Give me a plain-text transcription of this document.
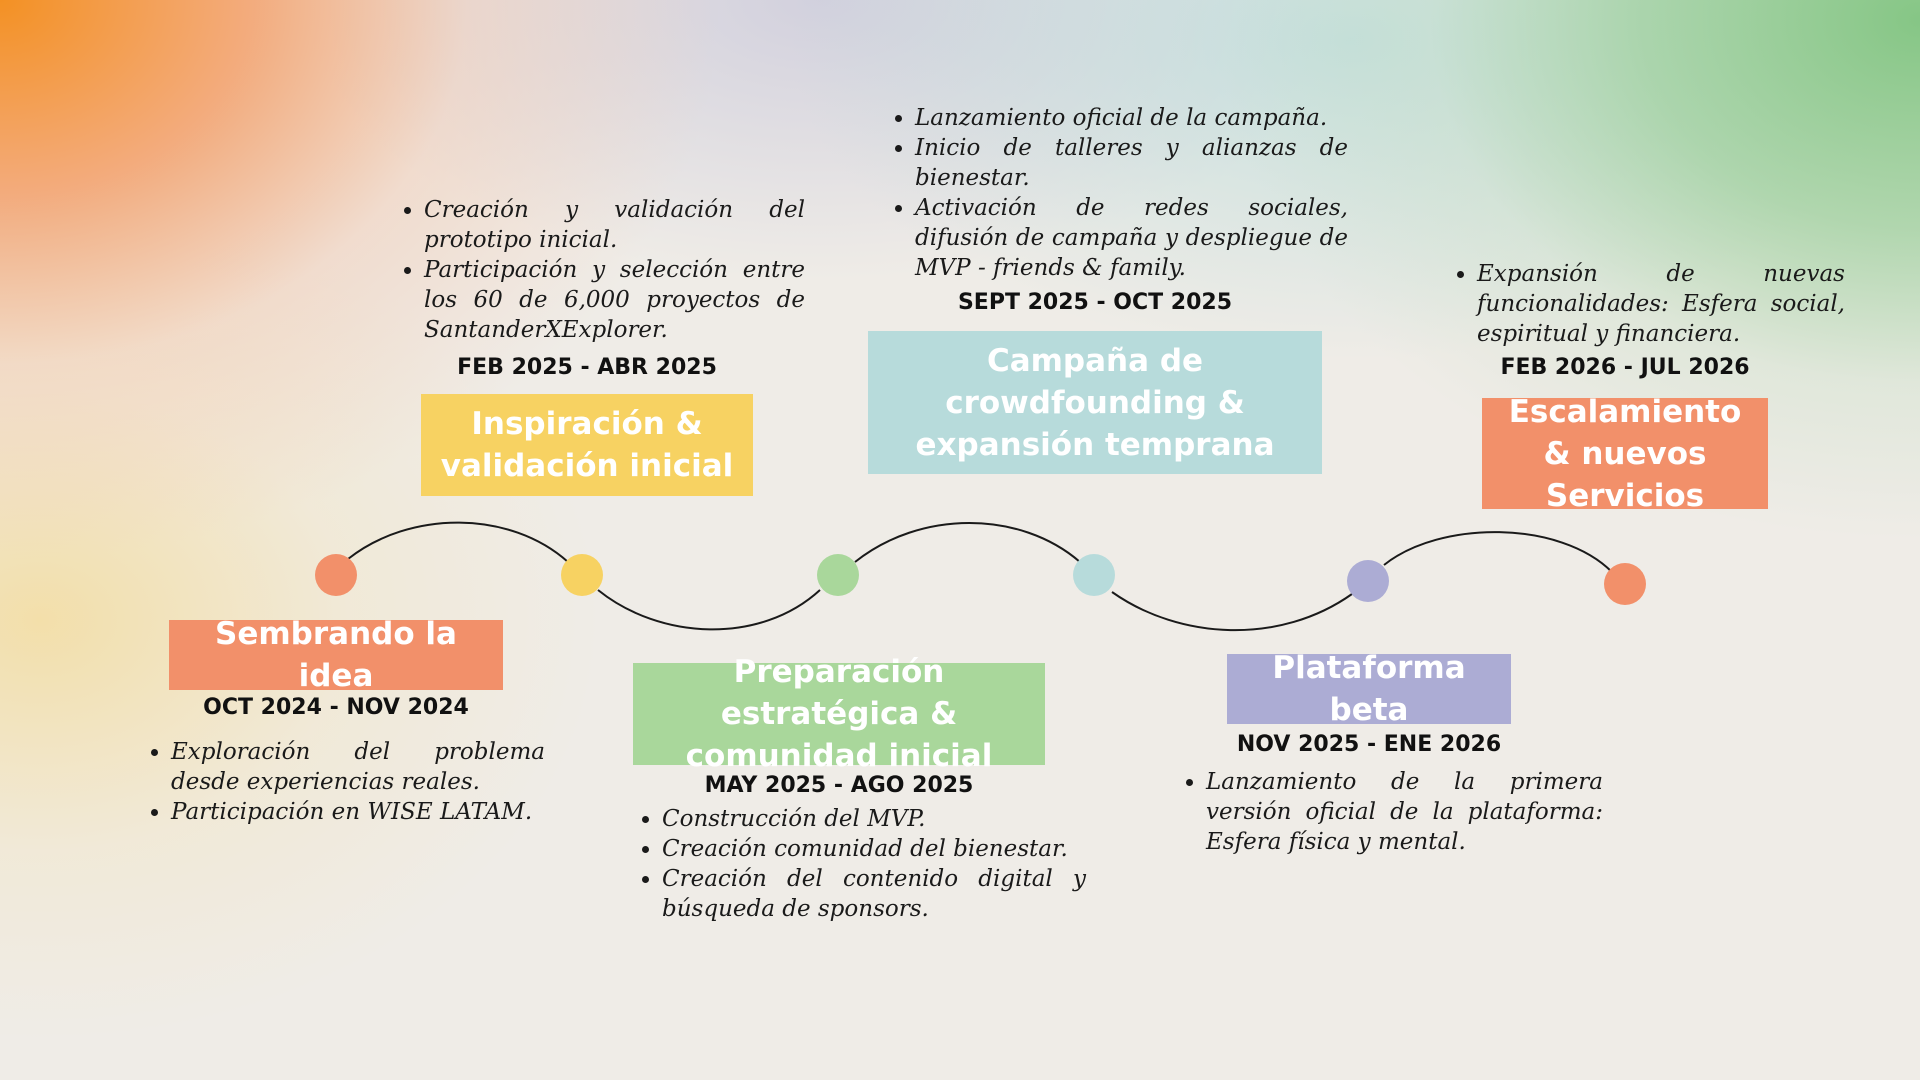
Sembrando la idea
OCT 2024 - NOV 2024
• Exploración del problema desde experiencias reales.
• Participación en WISE LATAM.
• Creación y validación del prototipo inicial.
• Participación y selección entre los 60 de 6,000 proyectos de SantanderXExplorer.
FEB 2025 - ABR 2025
Inspiración & validación inicial
Preparación estratégica & comunidad inicial
MAY 2025 - AGO 2025
• Construcción del MVP.
• Creación comunidad del bienestar.
• Creación del contenido digital y búsqueda de sponsors.
• Lanzamiento oficial de la campaña.
• Inicio de talleres y alianzas de bienestar.
• Activación de redes sociales, difusión de campaña y despliegue de MVP - friends & family.
SEPT 2025 - OCT 2025
Campaña de crowdfounding & expansión temprana
Plataforma beta
NOV 2025 - ENE 2026
• Lanzamiento de la primera versión oficial de la plataforma: Esfera física y mental.
• Expansión de nuevas funcionalidades: Esfera social, espiritual y financiera.
FEB 2026 - JUL 2026
Escalamiento & nuevos Servicios
